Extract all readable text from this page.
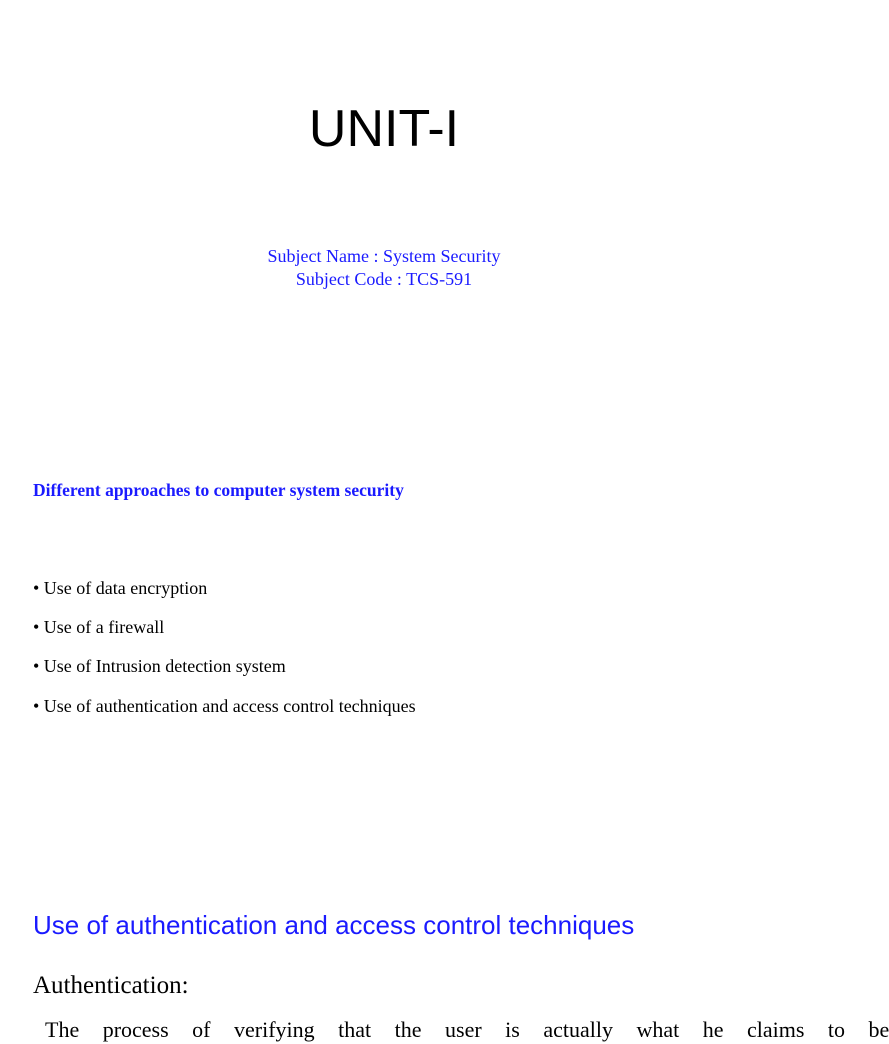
UNIT-I
Subject Name : System Security
Subject Code : TCS-591
Different approaches to computer system security
• Use of data encryption
• Use of a firewall
• Use of Intrusion detection system
• Use of authentication and access control techniques
Use of authentication and access control techniques
Authentication:
The process of verifying that the user is actually what he claims to be
